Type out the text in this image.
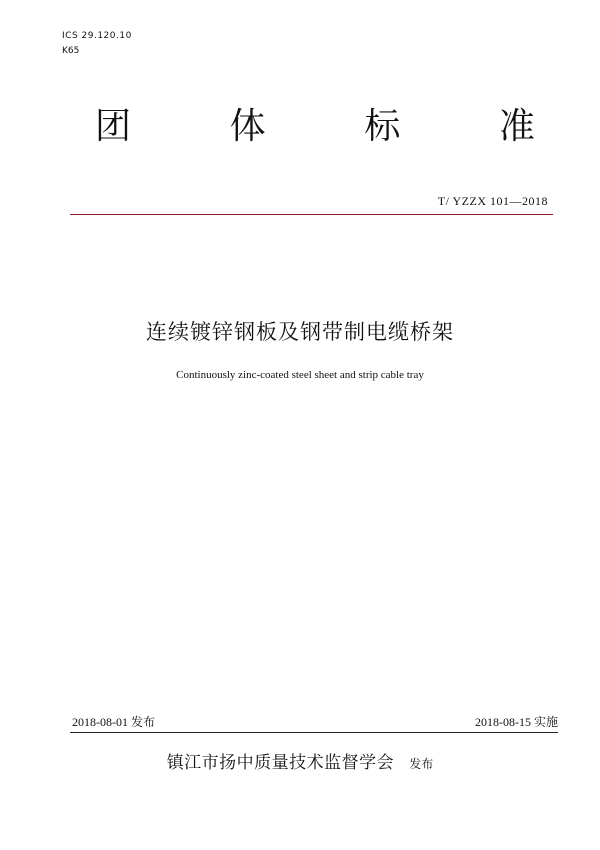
ICS 29.120.10
K65
团	体	标	准
T/ YZZX 101—2018
连续镀锌钢板及钢带制电缆桥架
Continuously zinc-coated steel sheet and strip cable tray
2018-08-01 发布	2018-08-15 实施
镇江市扬中质量技术监督学会 发布
